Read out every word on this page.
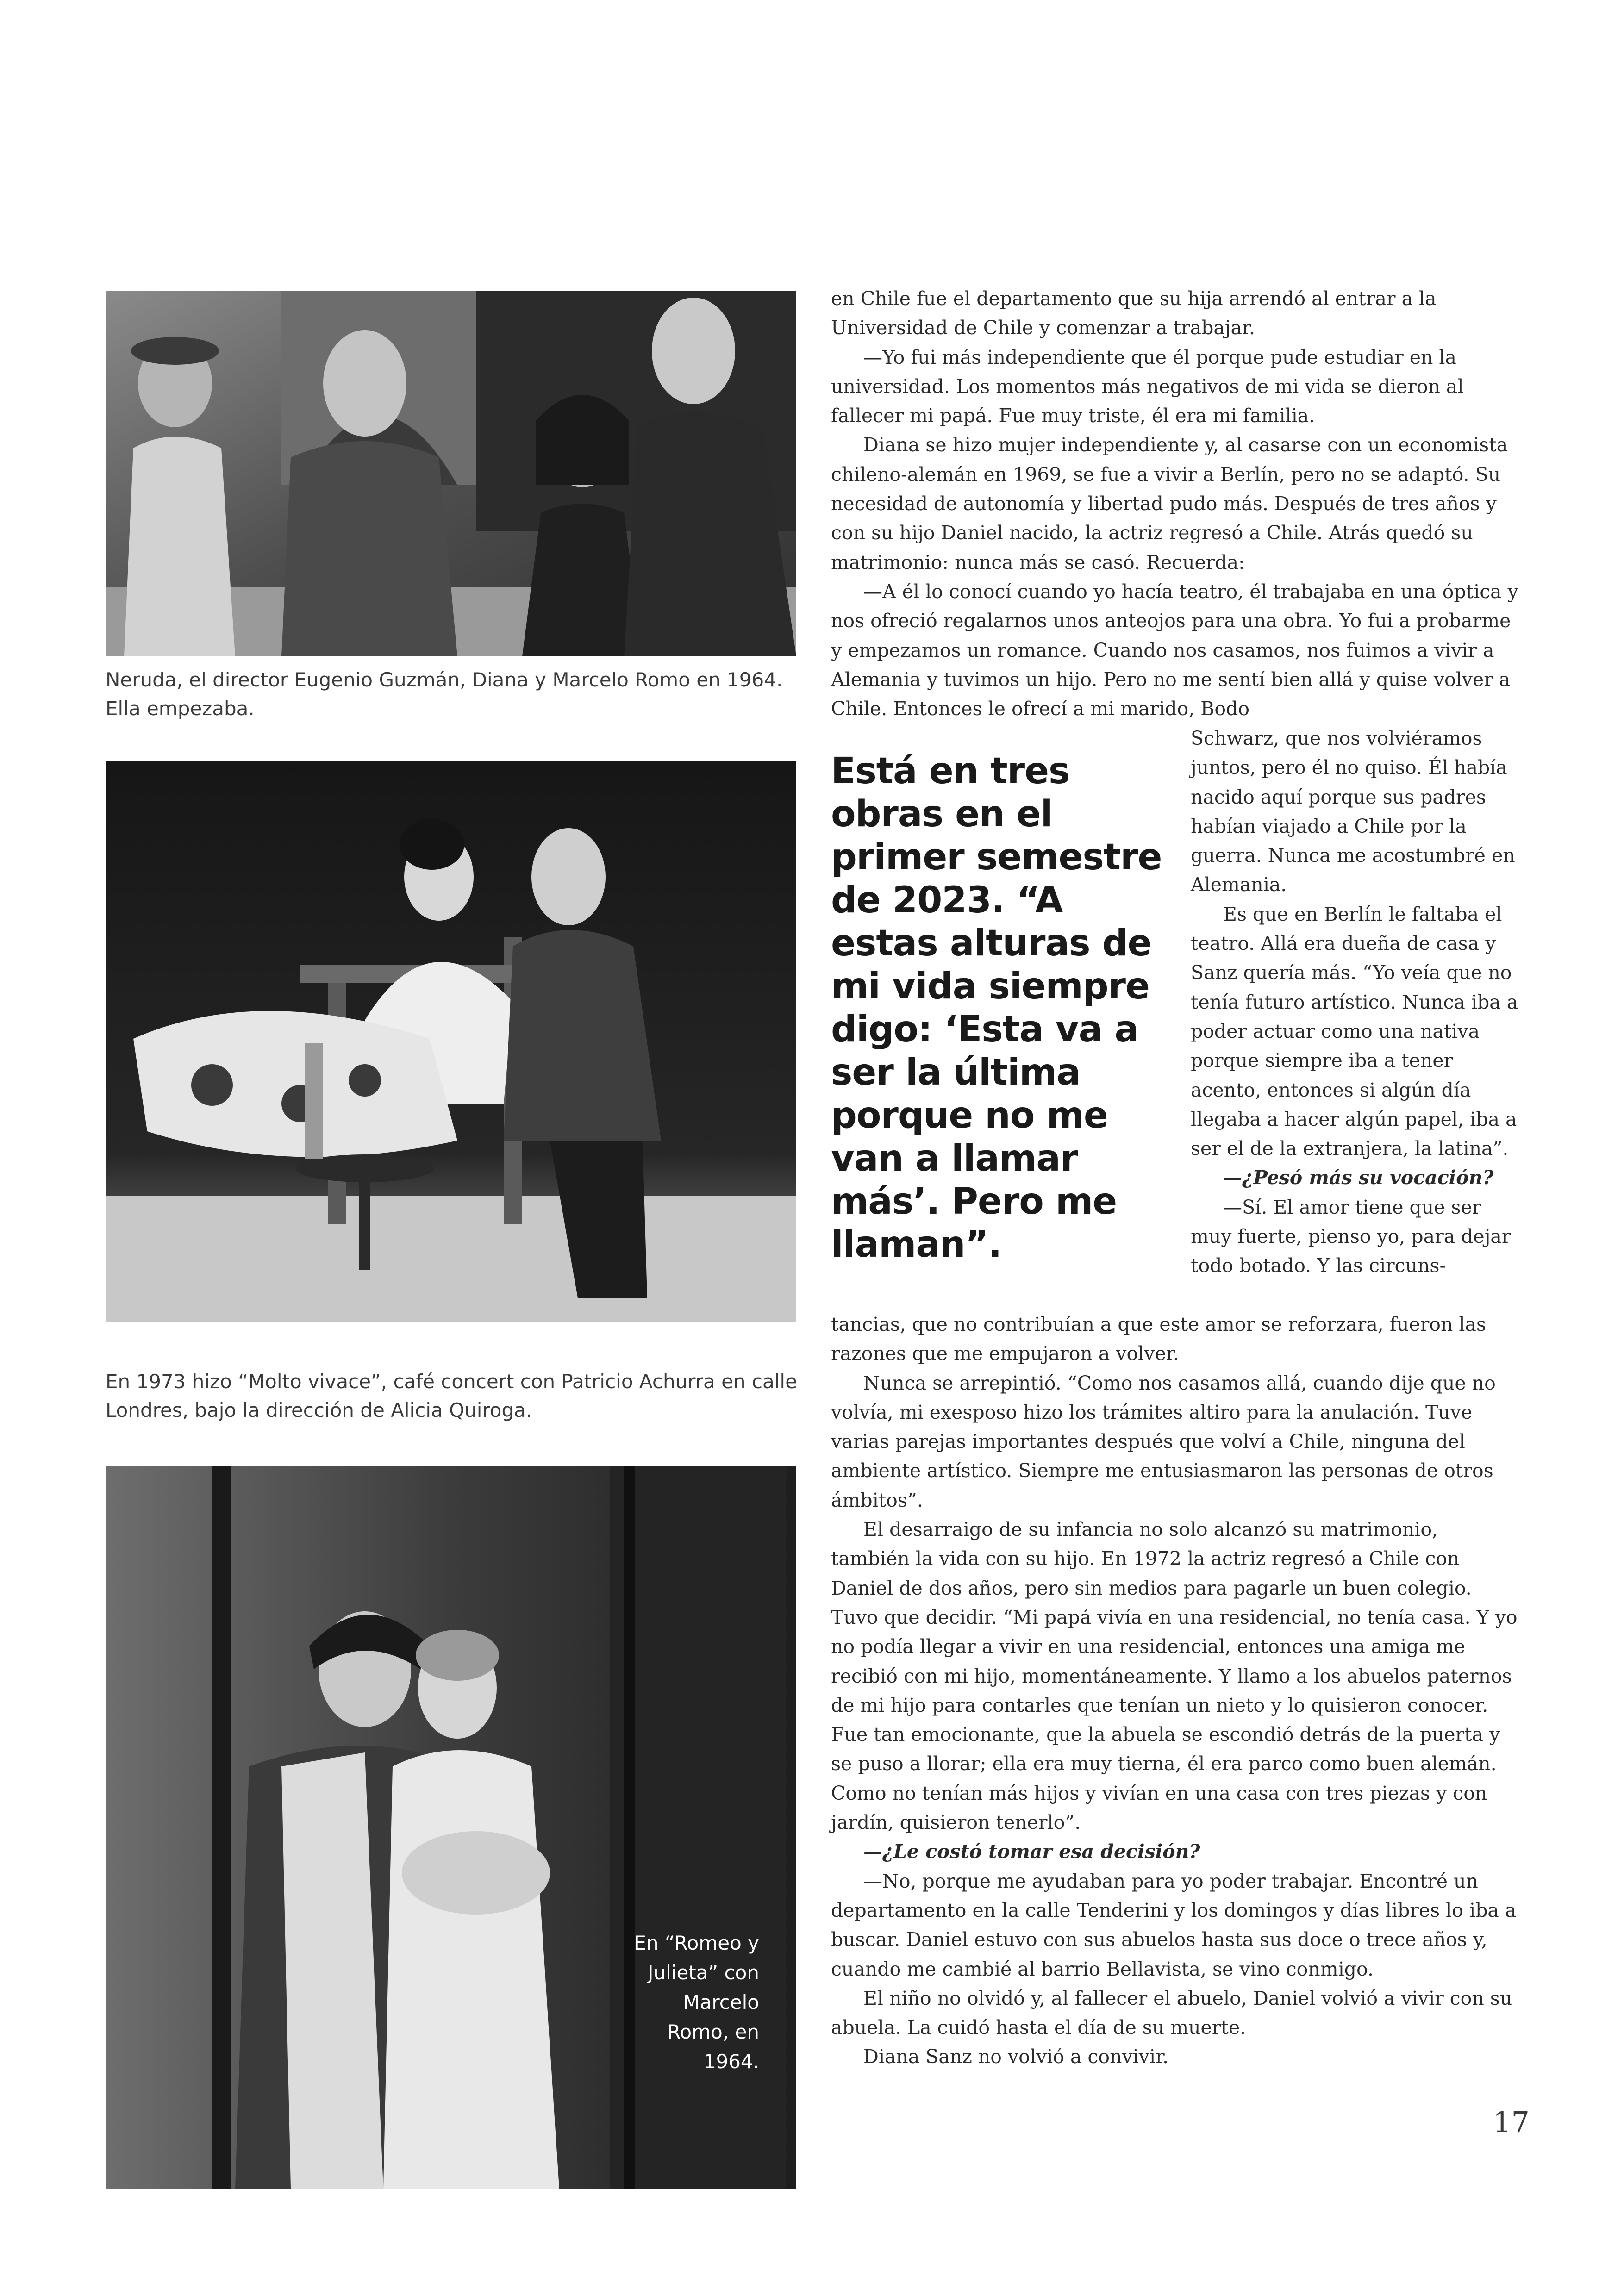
Neruda, el director Eugenio Guzmán, Diana y Marcelo Romo en 1964. Ella empezaba.

En 1973 hizo “Molto vivace”, café concert con Patricio Achurra en calle Londres, bajo la dirección de Alicia Quiroga.

En “Romeo y Julieta” con Marcelo Romo, en 1964.

en Chile fue el departamento que su hija arrendó al entrar a la Universidad de Chile y comenzar a trabajar.

—Yo fui más independiente que él porque pude estudiar en la universidad. Los momentos más negativos de mi vida se dieron al fallecer mi papá. Fue muy triste, él era mi familia.

Diana se hizo mujer independiente y, al casarse con un economista chileno-alemán en 1969, se fue a vivir a Berlín, pero no se adaptó. Su necesidad de autonomía y libertad pudo más. Después de tres años y con su hijo Daniel nacido, la actriz regresó a Chile. Atrás quedó su matrimonio: nunca más se casó. Recuerda:

—A él lo conocí cuando yo hacía teatro, él trabajaba en una óptica y nos ofreció regalarnos unos anteojos para una obra. Yo fui a probarme y empezamos un romance. Cuando nos casamos, nos fuimos a vivir a Alemania y tuvimos un hijo. Pero no me sentí bien allá y quise volver a Chile. Entonces le ofrecí a mi marido, Bodo

Está en tres obras en el primer semestre de 2023. “A estas alturas de mi vida siempre digo: ‘Esta va a ser la última porque no me van a llamar más’. Pero me llaman”.

Schwarz, que nos volviéramos juntos, pero él no quiso. Él había nacido aquí porque sus padres habían viajado a Chile por la guerra. Nunca me acostumbré en Alemania.

Es que en Berlín le faltaba el teatro. Allá era dueña de casa y Sanz quería más. “Yo veía que no tenía futuro artístico. Nunca iba a poder actuar como una nativa porque siempre iba a tener acento, entonces si algún día llegaba a hacer algún papel, iba a ser el de la extranjera, la latina”.

—¿Pesó más su vocación?

—Sí. El amor tiene que ser muy fuerte, pienso yo, para dejar todo botado. Y las circuns-

tancias, que no contribuían a que este amor se reforzara, fueron las razones que me empujaron a volver.

Nunca se arrepintió. “Como nos casamos allá, cuando dije que no volvía, mi exesposo hizo los trámites altiro para la anulación. Tuve varias parejas importantes después que volví a Chile, ninguna del ambiente artístico. Siempre me entusiasmaron las personas de otros ámbitos”.

El desarraigo de su infancia no solo alcanzó su matrimonio, también la vida con su hijo. En 1972 la actriz regresó a Chile con Daniel de dos años, pero sin medios para pagarle un buen colegio. Tuvo que decidir. “Mi papá vivía en una residencial, no tenía casa. Y yo no podía llegar a vivir en una residencial, entonces una amiga me recibió con mi hijo, momentáneamente. Y llamo a los abuelos paternos de mi hijo para contarles que tenían un nieto y lo quisieron conocer. Fue tan emocionante, que la abuela se escondió detrás de la puerta y se puso a llorar; ella era muy tierna, él era parco como buen alemán. Como no tenían más hijos y vivían en una casa con tres piezas y con jardín, quisieron tenerlo”.

—¿Le costó tomar esa decisión?

—No, porque me ayudaban para yo poder trabajar. Encontré un departamento en la calle Tenderini y los domingos y días libres lo iba a buscar. Daniel estuvo con sus abuelos hasta sus doce o trece años y, cuando me cambié al barrio Bellavista, se vino conmigo.

El niño no olvidó y, al fallecer el abuelo, Daniel volvió a vivir con su abuela. La cuidó hasta el día de su muerte.

Diana Sanz no volvió a convivir.

17
